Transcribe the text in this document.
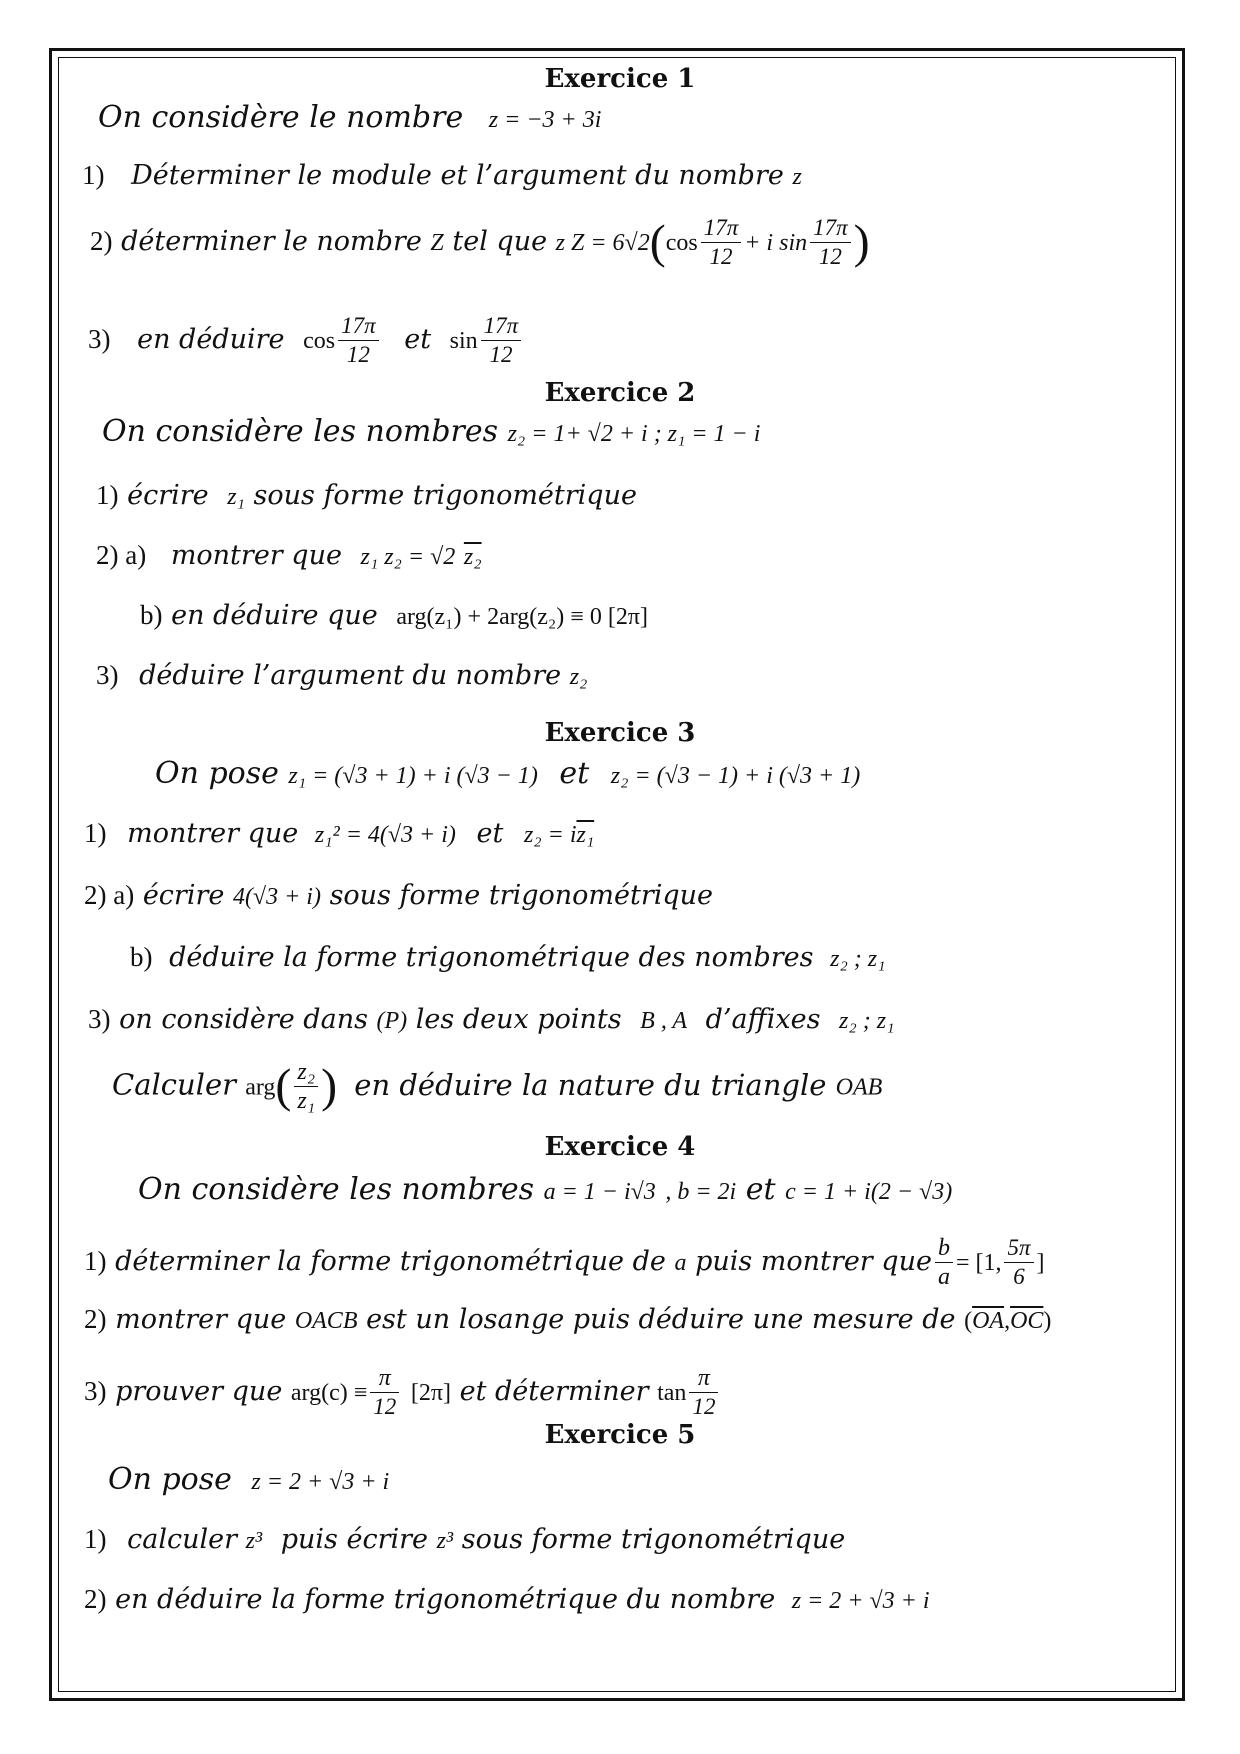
Exercice 1
On considère le nombre z = −3 + 3i
1) Déterminer le module et l’argument du nombre z
2) déterminer le nombre Z tel que z $Z = 6√2(\cos \frac{17\pi}{12} + i$ $\sin \frac{17\pi}{12}$ )
3) en déduire $\cos \frac{17\pi}{12}$ et $\sin \frac{17\pi}{12}$
Exercice 2
On considère les nombres z₂ = 1+ √2 + i ; z₁ = 1 − i
1) écrire z₁ sous forme trigonométrique
2) a) montrer que z₁ z₂ = √2 z₂
b) en déduire que arg(z₁) + 2arg(z₂) ≡ 0 [2π]
3) déduire l’argument du nombre z₂
Exercice 3
On pose z₁ = (√3 + 1) + i (√3 − 1) et z₂ = (√3 − 1) + i (√3 + 1)
1) montrer que z₁² = 4(√3 + i) et z₂ = iz₁
2) a) écrire 4(√3 + i) sous forme trigonométrique
b) déduire la forme trigonométrique des nombres z₂ ; z₁
3) on considère dans (P) les deux points B , A d’affixes z₂ ; z₁
Calculer $arg( \frac{\text{z₂}}{\text{z₁}}$ ) en déduire la nature du triangle OAB
Exercice 4
On considère les nombres a = 1 − i√3 , b = 2i et c = 1 + i(2 − √3)
1) déterminer la forme trigonométrique de a puis montrer que $\frac{b}{a} = [1$, $\frac{5\pi}{6}$ ]
2) montrer que OACB est un losange puis déduire une mesure de $(\overline{OA},\overline{OC})$
3) prouver que $arg(c) \equiv \frac{\pi}{12} [2\pi]$ et déterminer $\tan \frac{\pi}{12}$
Exercice 5
On pose z = 2 + √3 + i
1) calculer z³ puis écrire z³ sous forme trigonométrique
2) en déduire la forme trigonométrique du nombre z = 2 + √3 + i
